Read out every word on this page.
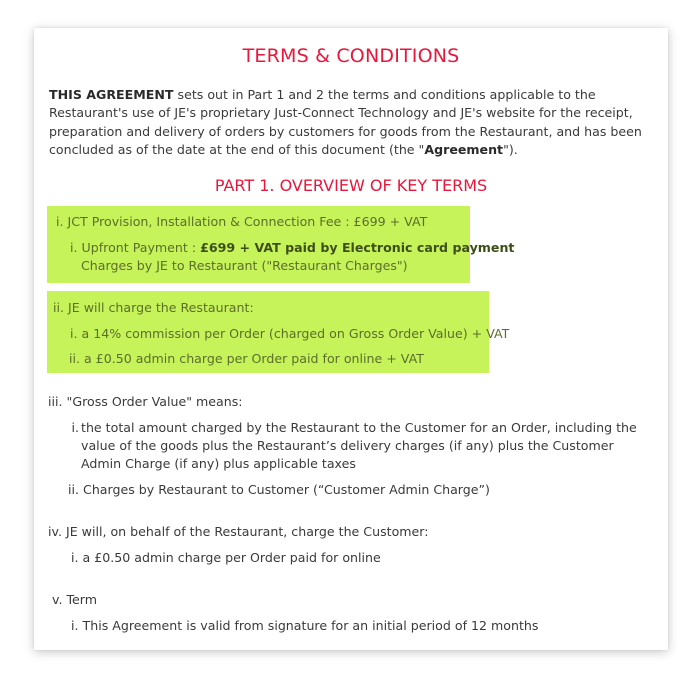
TERMS & CONDITIONS
THIS AGREEMENT sets out in Part 1 and 2 the terms and conditions applicable to the Restaurant's use of JE's proprietary Just-Connect Technology and JE's website for the receipt, preparation and delivery of orders by customers for goods from the Restaurant, and has been concluded as of the date at the end of this document (the "Agreement").
PART 1. OVERVIEW OF KEY TERMS
i. JCT Provision, Installation & Connection Fee : £699 + VAT
i. Upfront Payment : £699 + VAT paid by Electronic card payment
Charges by JE to Restaurant ("Restaurant Charges")
ii. JE will charge the Restaurant:
i. a 14% commission per Order (charged on Gross Order Value) + VAT
ii. a £0.50 admin charge per Order paid for online + VAT
iii. "Gross Order Value" means:
i. the total amount charged by the Restaurant to the Customer for an Order, including the value of the goods plus the Restaurant’s delivery charges (if any) plus the Customer Admin Charge (if any) plus applicable taxes
ii. Charges by Restaurant to Customer (“Customer Admin Charge”)
iv. JE will, on behalf of the Restaurant, charge the Customer:
i. a £0.50 admin charge per Order paid for online
v. Term
i. This Agreement is valid from signature for an initial period of 12 months
